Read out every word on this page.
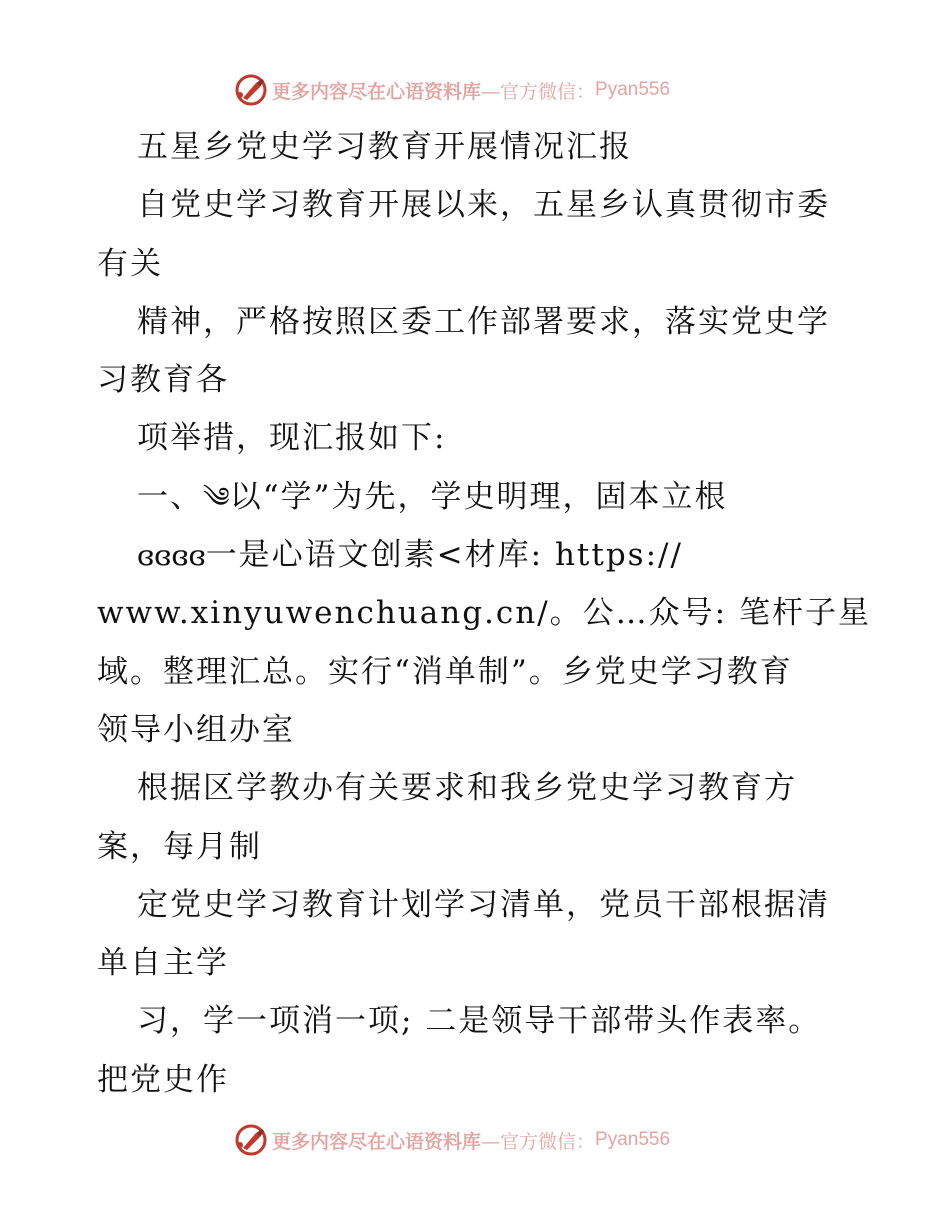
更多内容尽在心语资料库 —官方微信： Pyan556
五星乡党史学习教育开展情况汇报
自党史学习教育开展以来，五星乡认真贯彻市委
有关
精神，严格按照区委工作部署要求，落实党史学
习教育各
项举措，现汇报如下:
一、༄以“学”为先，学史明理，固本立根
ɞɞɞɞ一是心语文创素<材库: https://
www.xinyuwenchuang.cn/。公…众号: 笔杆子星
域。整理汇总。实行“消单制”。乡党史学习教育
领导小组办室
根据区学教办有关要求和我乡党史学习教育方
案，每月制
定党史学习教育计划学习清单，党员干部根据清
单自主学
习，学一项消一项; 二是领导干部带头作表率。
把党史作
更多内容尽在心语资料库 —官方微信： Pyan556
